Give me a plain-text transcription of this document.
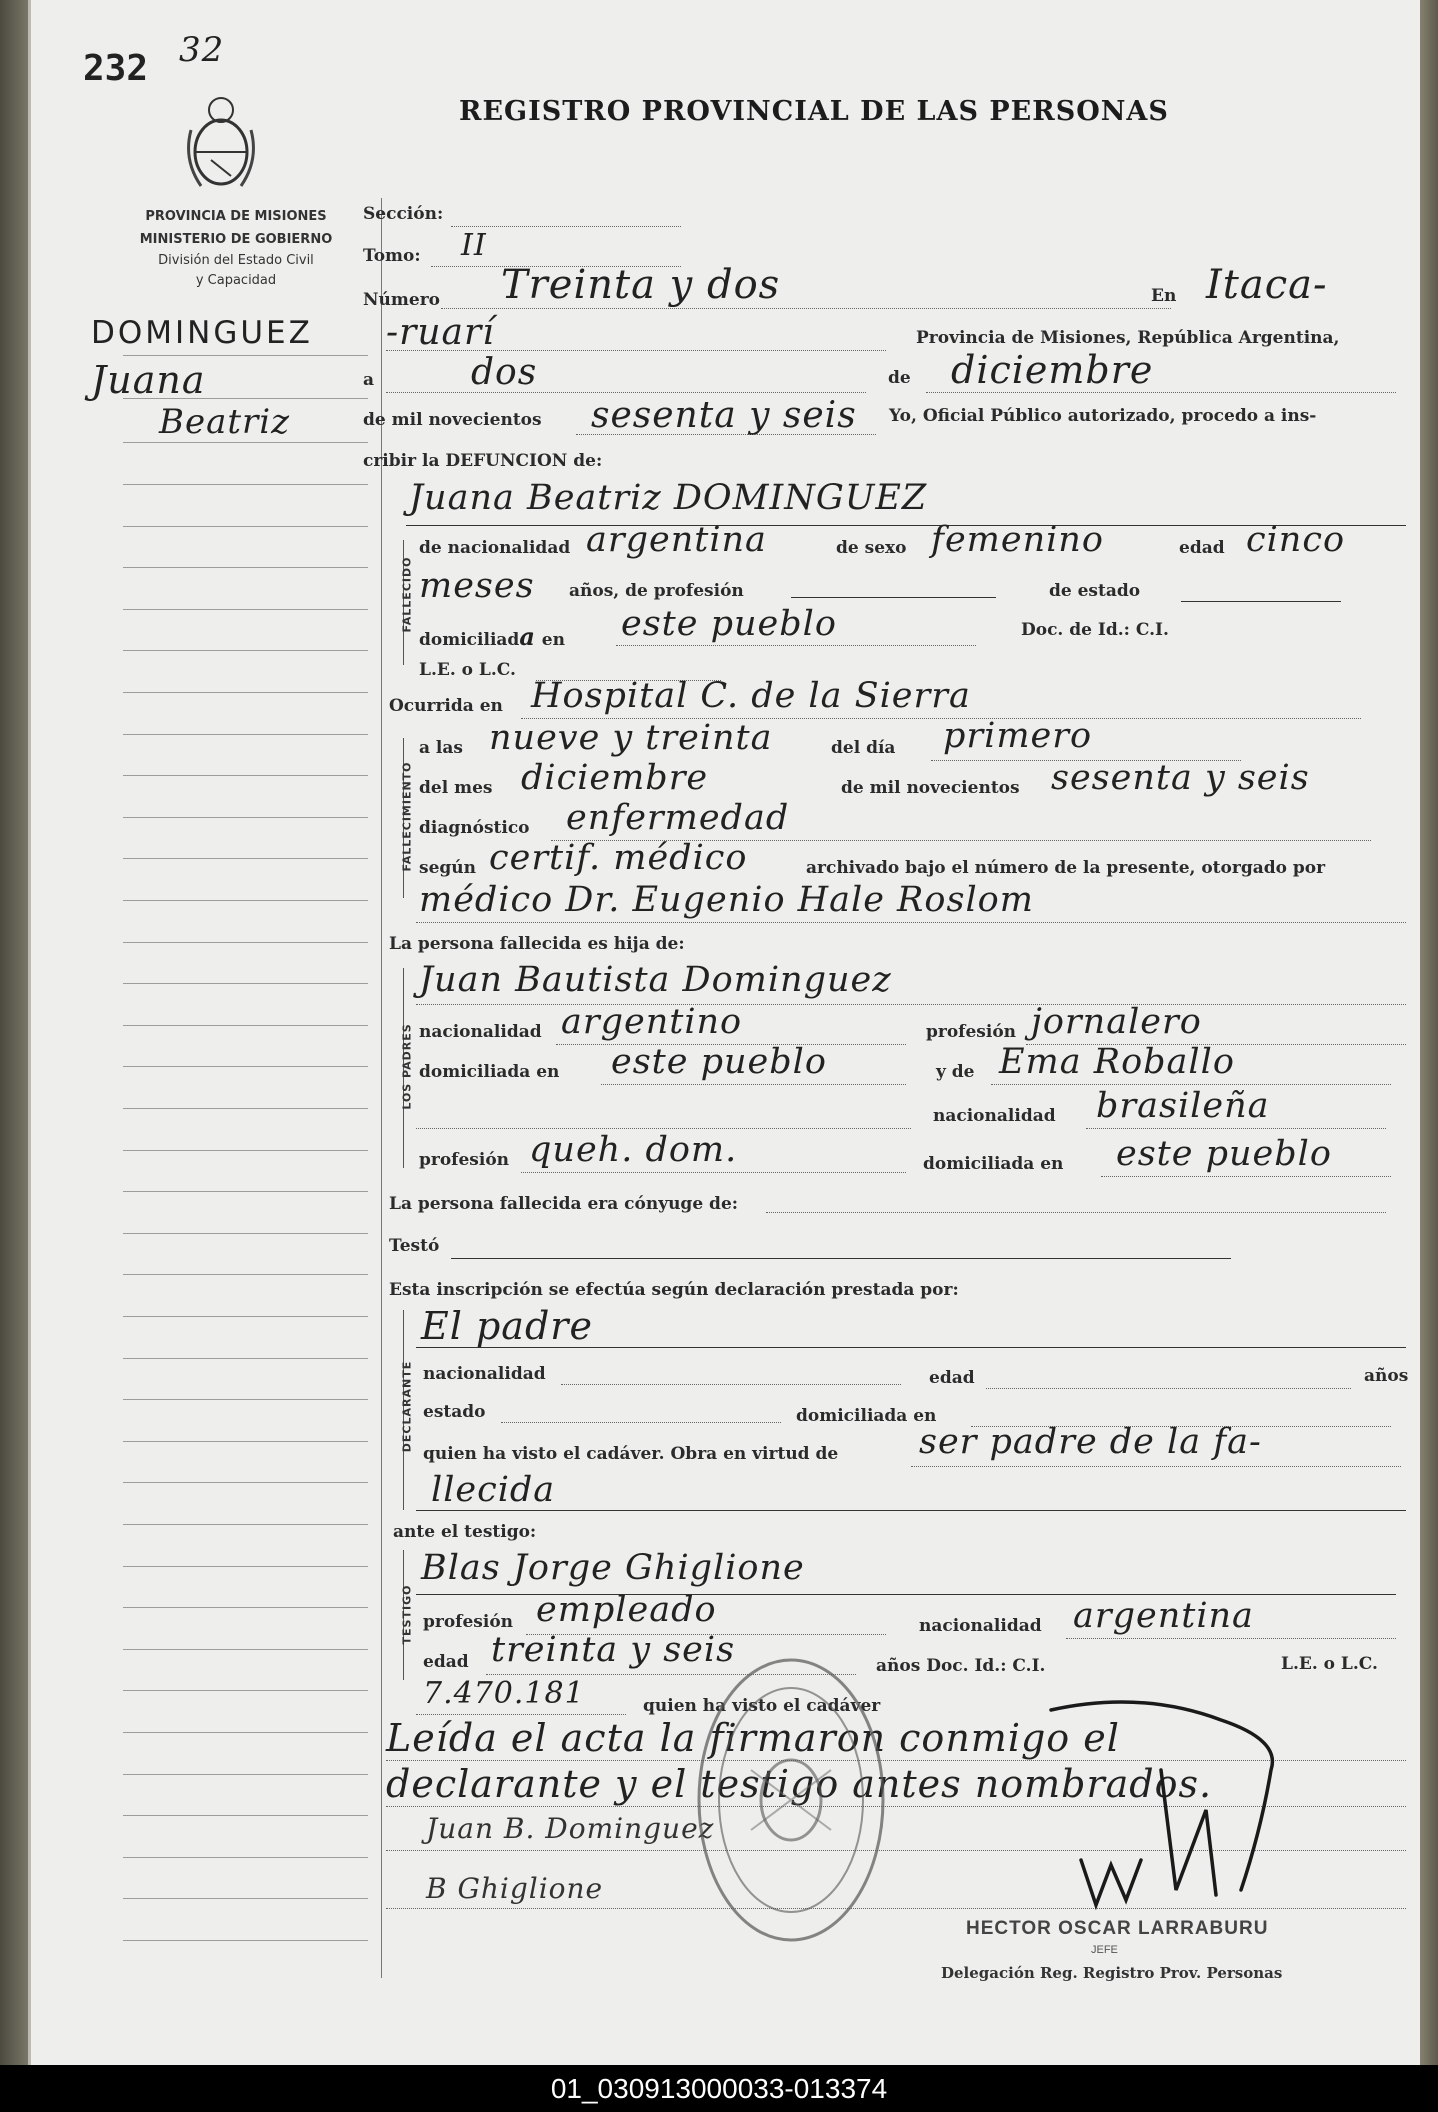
232 32
REGISTRO PROVINCIAL DE LAS PERSONAS
PROVINCIA DE MISIONES
MINISTERIO DE GOBIERNO
División del Estado Civil
y Capacidad
DOMINGUEZ
Juana
Beatriz
Sección:
Tomo: II
Número Treinta y dos	En Itaca-
-ruarí	Provincia de Misiones, República Argentina,
a	dos	de diciembre
de mil novecientos sesenta y seis Yo, Oficial Público autorizado, procedo a ins-
cribir la DEFUNCION de:
FALLECIDO
Juana Beatriz DOMINGUEZ
de nacionalidad argentina	de sexo femenino	edad cinco
meses años, de profesión	de estado
domiciliada en este pueblo	Doc. de Id.: C.I.
L.E. o L.C.
Ocurrida en Hospital C. de la Sierra
FALLECIMIENTO
a las nueve y treinta	del día primero
del mes diciembre	de mil novecientos sesenta y seis
diagnóstico enfermedad
según certif. médico	archivado bajo el número de la presente, otorgado por
médico Dr. Eugenio Hale Roslom
La persona fallecida es hija de:
LOS PADRES
Juan Bautista Dominguez
nacionalidad argentino	profesión jornalero
domiciliada en este pueblo	y de Ema Roballo
nacionalidad brasileña
profesión queh. dom.	domiciliada en este pueblo
La persona fallecida era cónyuge de:
Testó
Esta inscripción se efectúa según declaración prestada por:
DECLARANTE
El padre
nacionalidad	edad	años
estado	domiciliada en
quien ha visto el cadáver. Obra en virtud de ser padre de la fa-
llecida
ante el testigo:
TESTIGO
Blas Jorge Ghiglione
profesión empleado	nacionalidad argentina
edad treinta y seis	años Doc. Id.: C.I.	L.E. o L.C.
7.470.181	quien ha visto el cadáver
Leída el acta la firmaron conmigo el
declarante y el testigo antes nombrados.
Juan B. Dominguez
B Ghiglione
HECTOR OSCAR LARRABURU
JEFE
Delegación Reg. Registro Prov. Personas
01_030913000033-013374
